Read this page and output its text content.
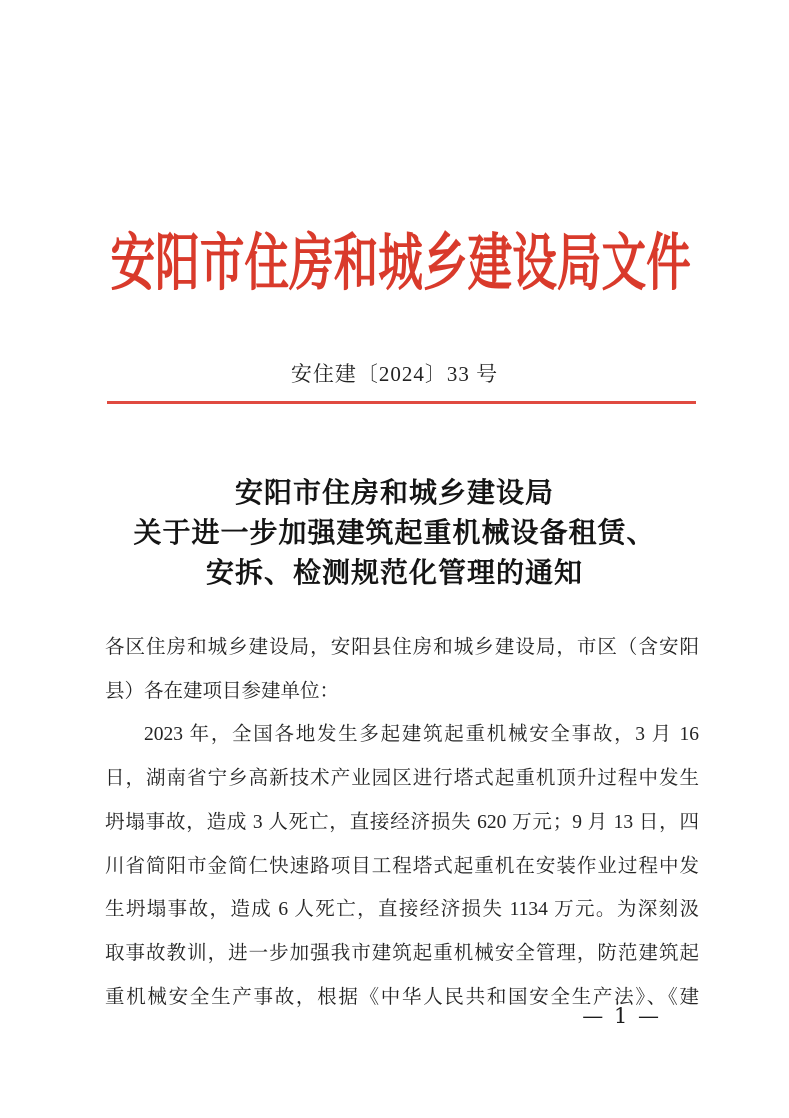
安阳市住房和城乡建设局文件
安住建〔2024〕33 号
安阳市住房和城乡建设局
关于进一步加强建筑起重机械设备租赁、
安拆、检测规范化管理的通知
各区住房和城乡建设局，安阳县住房和城乡建设局，市区（含安阳
县）各在建项目参建单位：
2023 年，全国各地发生多起建筑起重机械安全事故，3 月 16
日，湖南省宁乡高新技术产业园区进行塔式起重机顶升过程中发生
坍塌事故，造成 3 人死亡，直接经济损失 620 万元；9 月 13 日，四
川省简阳市金简仁快速路项目工程塔式起重机在安装作业过程中发
生坍塌事故，造成 6 人死亡，直接经济损失 1134 万元。为深刻汲
取事故教训，进一步加强我市建筑起重机械安全管理，防范建筑起
重机械安全生产事故，根据《中华人民共和国安全生产法》、《建
— 1 —
